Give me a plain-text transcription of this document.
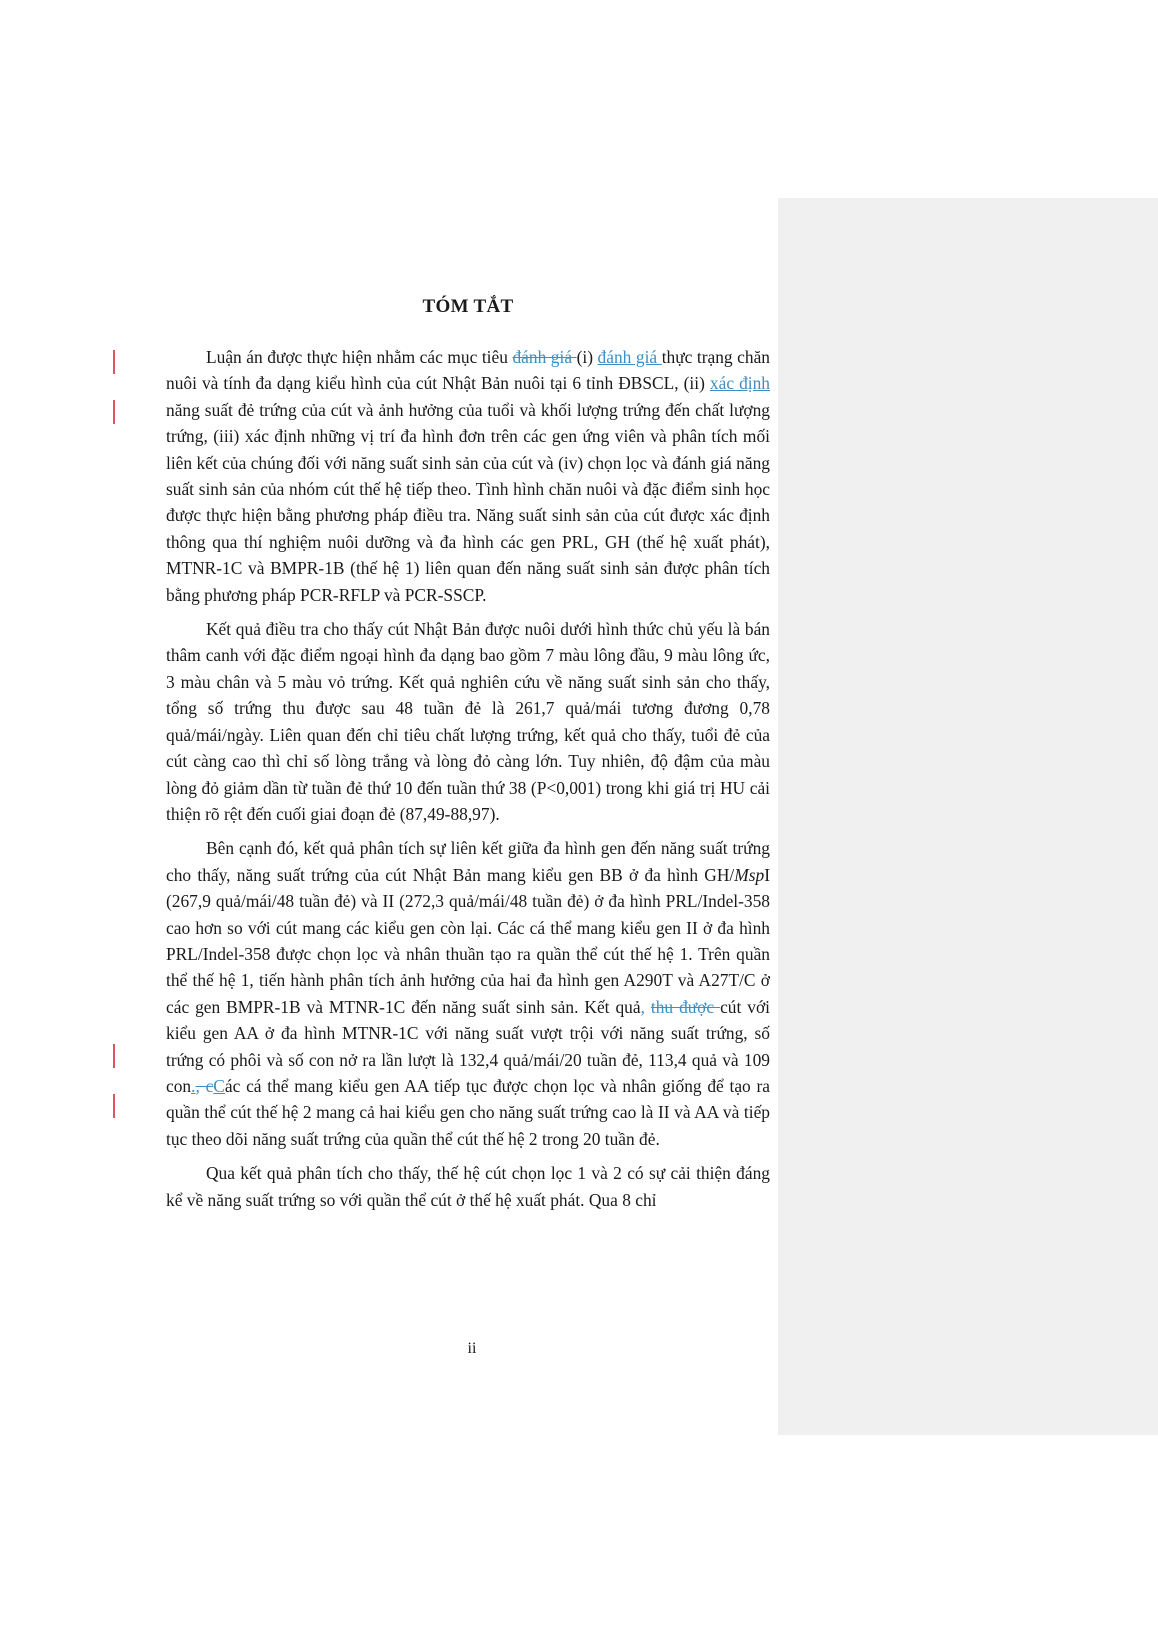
TÓM TẮT

Luận án được thực hiện nhằm các mục tiêu đánh giá (i) đánh giá thực trạng chăn nuôi và tính đa dạng kiểu hình của cút Nhật Bản nuôi tại 6 tỉnh ĐBSCL, (ii) xác định năng suất đẻ trứng của cút và ảnh hưởng của tuổi và khối lượng trứng đến chất lượng trứng, (iii) xác định những vị trí đa hình đơn trên các gen ứng viên và phân tích mối liên kết của chúng đối với năng suất sinh sản của cút và (iv) chọn lọc và đánh giá năng suất sinh sản của nhóm cút thế hệ tiếp theo. Tình hình chăn nuôi và đặc điểm sinh học được thực hiện bằng phương pháp điều tra. Năng suất sinh sản của cút được xác định thông qua thí nghiệm nuôi dưỡng và đa hình các gen PRL, GH (thế hệ xuất phát), MTNR-1C và BMPR-1B (thế hệ 1) liên quan đến năng suất sinh sản được phân tích bằng phương pháp PCR-RFLP và PCR-SSCP.

Kết quả điều tra cho thấy cút Nhật Bản được nuôi dưới hình thức chủ yếu là bán thâm canh với đặc điểm ngoại hình đa dạng bao gồm 7 màu lông đầu, 9 màu lông ức, 3 màu chân và 5 màu vỏ trứng. Kết quả nghiên cứu về năng suất sinh sản cho thấy, tổng số trứng thu được sau 48 tuần đẻ là 261,7 quả/mái tương đương 0,78 quả/mái/ngày. Liên quan đến chỉ tiêu chất lượng trứng, kết quả cho thấy, tuổi đẻ của cút càng cao thì chỉ số lòng trắng và lòng đỏ càng lớn. Tuy nhiên, độ đậm của màu lòng đỏ giảm dần từ tuần đẻ thứ 10 đến tuần thứ 38 (P<0,001) trong khi giá trị HU cải thiện rõ rệt đến cuối giai đoạn đẻ (87,49-88,97).

Bên cạnh đó, kết quả phân tích sự liên kết giữa đa hình gen đến năng suất trứng cho thấy, năng suất trứng của cút Nhật Bản mang kiểu gen BB ở đa hình GH/MspI (267,9 quả/mái/48 tuần đẻ) và II (272,3 quả/mái/48 tuần đẻ) ở đa hình PRL/Indel-358 cao hơn so với cút mang các kiểu gen còn lại. Các cá thể mang kiểu gen II ở đa hình PRL/Indel-358 được chọn lọc và nhân thuần tạo ra quần thể cút thế hệ 1. Trên quần thể thế hệ 1, tiến hành phân tích ảnh hưởng của hai đa hình gen A290T và A27T/C ở các gen BMPR-1B và MTNR-1C đến năng suất sinh sản. Kết quả, thu được cút với kiểu gen AA ở đa hình MTNR-1C với năng suất vượt trội với năng suất trứng, số trứng có phôi và số con nở ra lần lượt là 132,4 quả/mái/20 tuần đẻ, 113,4 quả và 109 con., cCác cá thể mang kiểu gen AA tiếp tục được chọn lọc và nhân giống để tạo ra quần thể cút thế hệ 2 mang cả hai kiểu gen cho năng suất trứng cao là II và AA và tiếp tục theo dõi năng suất trứng của quần thể cút thế hệ 2 trong 20 tuần đẻ.

Qua kết quả phân tích cho thấy, thế hệ cút chọn lọc 1 và 2 có sự cải thiện đáng kể về năng suất trứng so với quần thể cút ở thế hệ xuất phát. Qua 8 chỉ

ii
